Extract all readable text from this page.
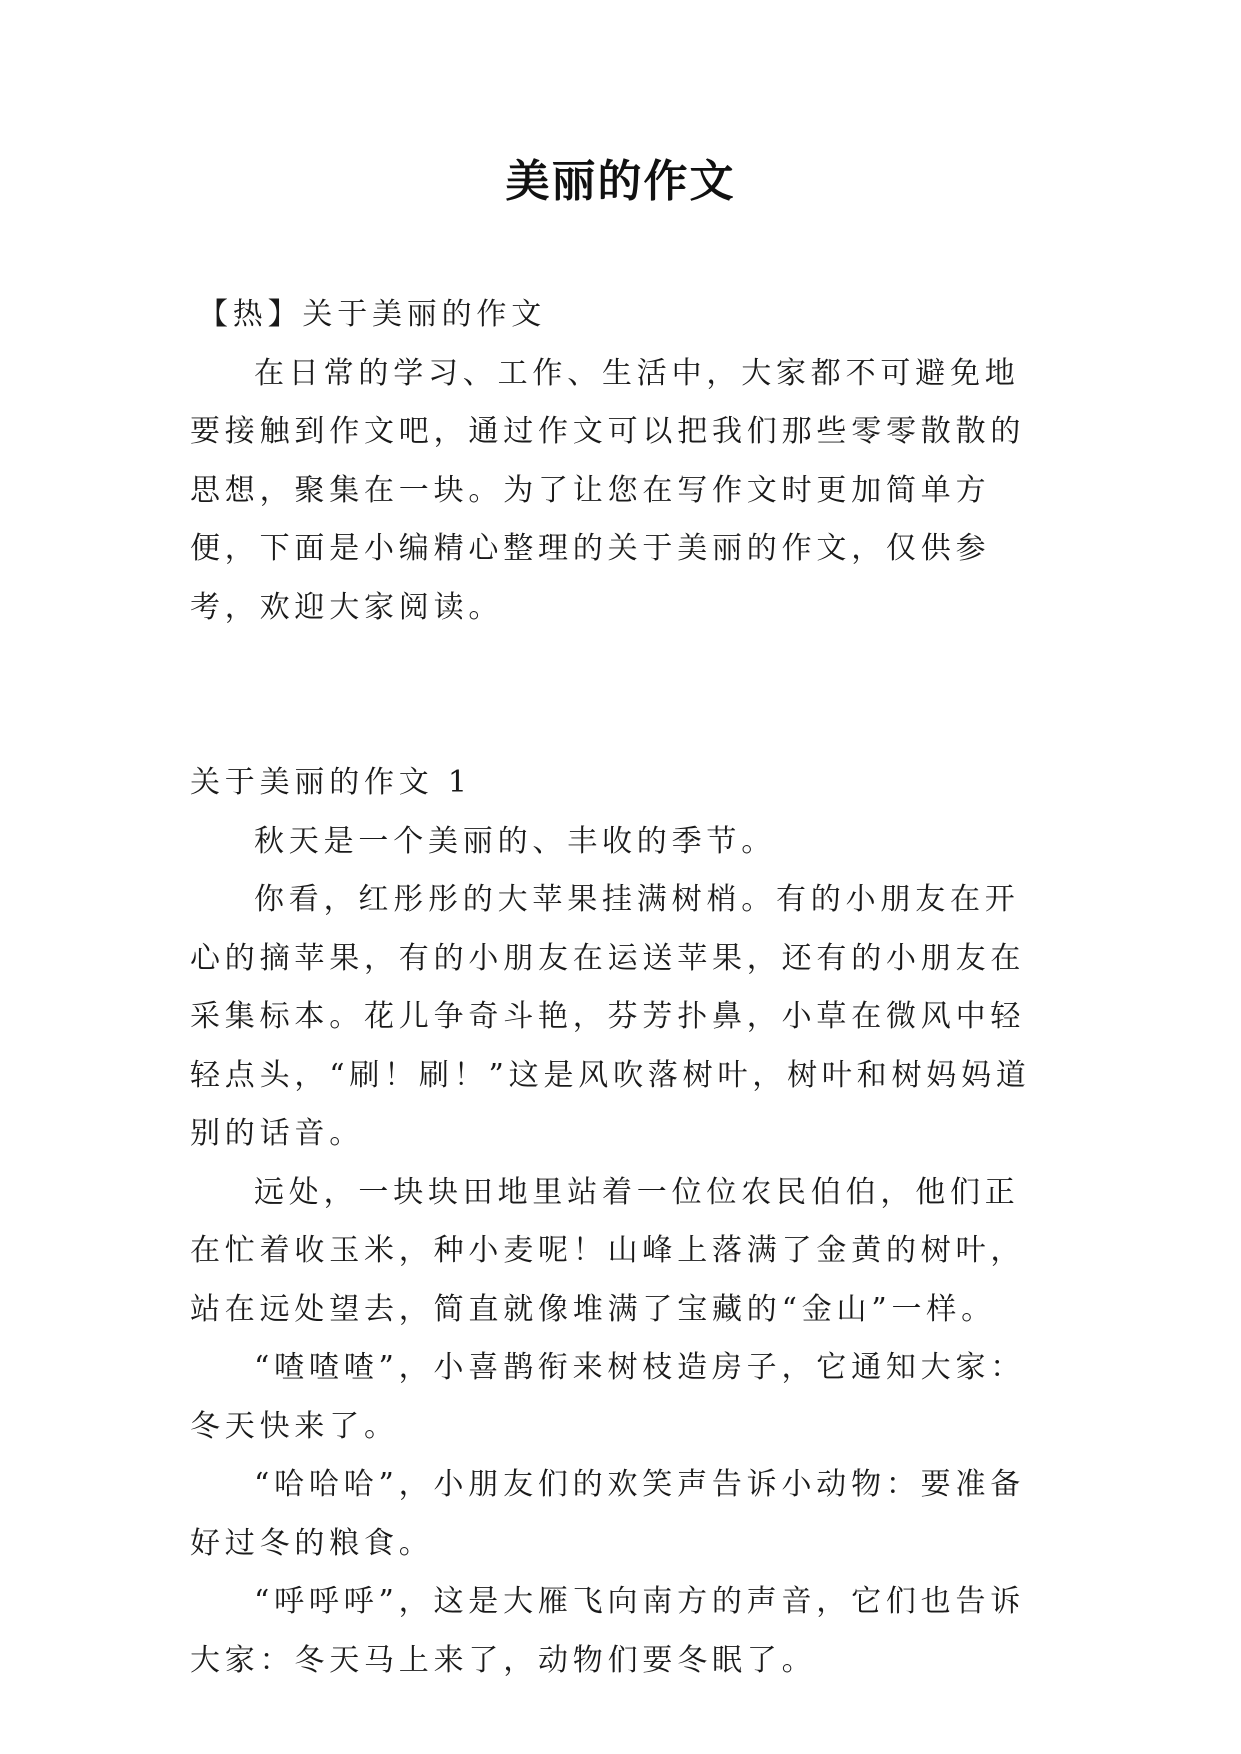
美丽的作文

【热】关于美丽的作文

在日常的学习、工作、生活中，大家都不可避免地要接触到作文吧，通过作文可以把我们那些零零散散的思想，聚集在一块。为了让您在写作文时更加简单方便，下面是小编精心整理的关于美丽的作文，仅供参考，欢迎大家阅读。

关于美丽的作文 1

秋天是一个美丽的、丰收的季节。

你看，红彤彤的大苹果挂满树梢。有的小朋友在开心的摘苹果，有的小朋友在运送苹果，还有的小朋友在采集标本。花儿争奇斗艳，芬芳扑鼻，小草在微风中轻轻点头，“刷！刷！”这是风吹落树叶，树叶和树妈妈道别的话音。

远处，一块块田地里站着一位位农民伯伯，他们正在忙着收玉米，种小麦呢！山峰上落满了金黄的树叶，站在远处望去，简直就像堆满了宝藏的“金山”一样。

“喳喳喳”，小喜鹊衔来树枝造房子，它通知大家：冬天快来了。

“哈哈哈”，小朋友们的欢笑声告诉小动物：要准备好过冬的粮食。

“呼呼呼”，这是大雁飞向南方的声音，它们也告诉大家：冬天马上来了，动物们要冬眠了。
